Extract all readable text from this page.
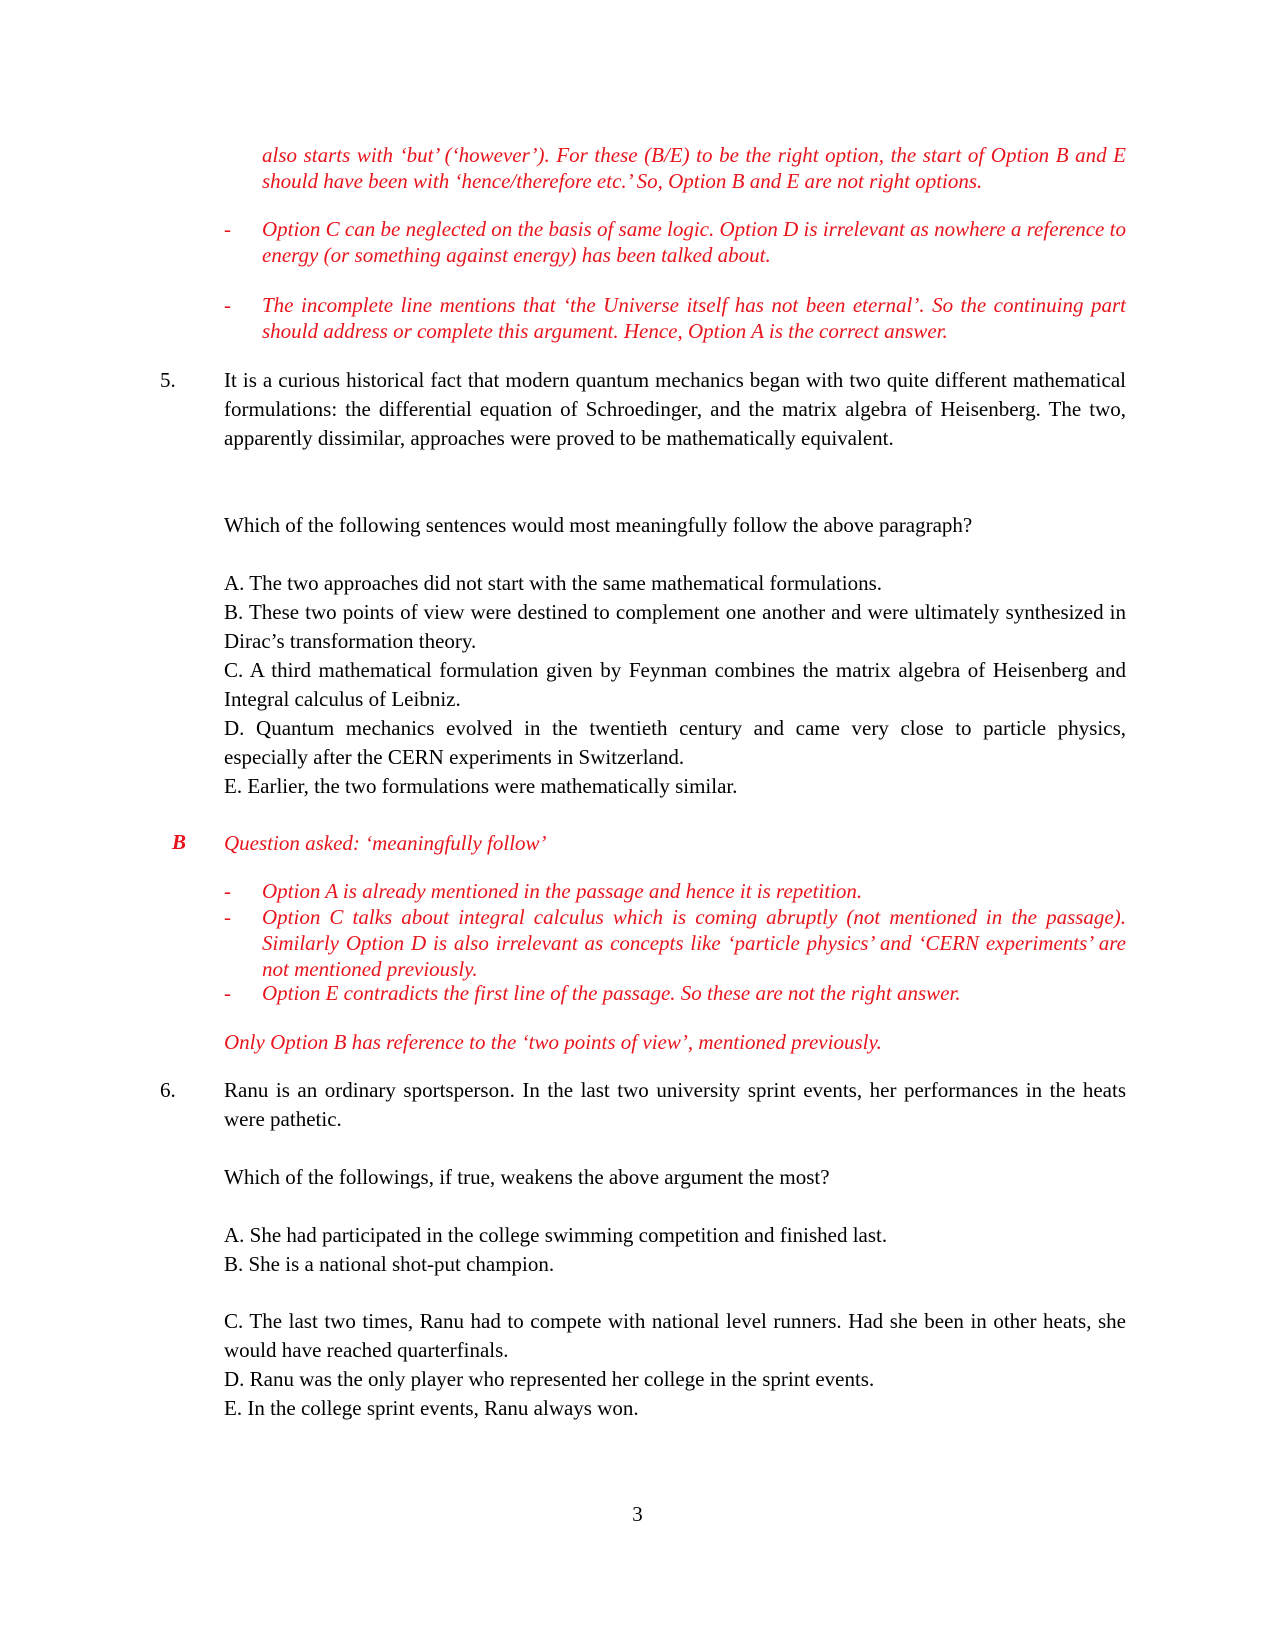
also starts with ‘but’ (‘however’). For these (B/E) to be the right option, the start of Option B and E should have been with ‘hence/therefore etc.’ So, Option B and E are not right options.
-	Option C can be neglected on the basis of same logic. Option D is irrelevant as nowhere a reference to energy (or something against energy) has been talked about.
-	The incomplete line mentions that ‘the Universe itself has not been eternal’. So the continuing part should address or complete this argument. Hence, Option A is the correct answer.
5. It is a curious historical fact that modern quantum mechanics began with two quite different mathematical formulations: the differential equation of Schroedinger, and the matrix algebra of Heisenberg. The two, apparently dissimilar, approaches were proved to be mathematically equivalent.
Which of the following sentences would most meaningfully follow the above paragraph?

A. The two approaches did not start with the same mathematical formulations.

B. These two points of view were destined to complement one another and were ultimately synthesized in Dirac’s transformation theory.

C. A third mathematical formulation given by Feynman combines the matrix algebra of Heisenberg and Integral calculus of Leibniz.

D. Quantum mechanics evolved in the twentieth century and came very close to particle physics, especially after the CERN experiments in Switzerland.

E. Earlier, the two formulations were mathematically similar.

B Question asked: ‘meaningfully follow’
-	Option A is already mentioned in the passage and hence it is repetition.
-	Option C talks about integral calculus which is coming abruptly (not mentioned in the passage). Similarly Option D is also irrelevant as concepts like ‘particle physics’ and ‘CERN experiments’ are not mentioned previously.
-	Option E contradicts the first line of the passage. So these are not the right answer.
Only Option B has reference to the ‘two points of view’, mentioned previously.
6. Ranu is an ordinary sportsperson. In the last two university sprint events, her performances in the heats were pathetic.
Which of the followings, if true, weakens the above argument the most?

A. She had participated in the college swimming competition and finished last.

B. She is a national shot-put champion.

C. The last two times, Ranu had to compete with national level runners. Had she been in other heats, she would have reached quarterfinals.

D. Ranu was the only player who represented her college in the sprint events.

E. In the college sprint events, Ranu always won.

3
